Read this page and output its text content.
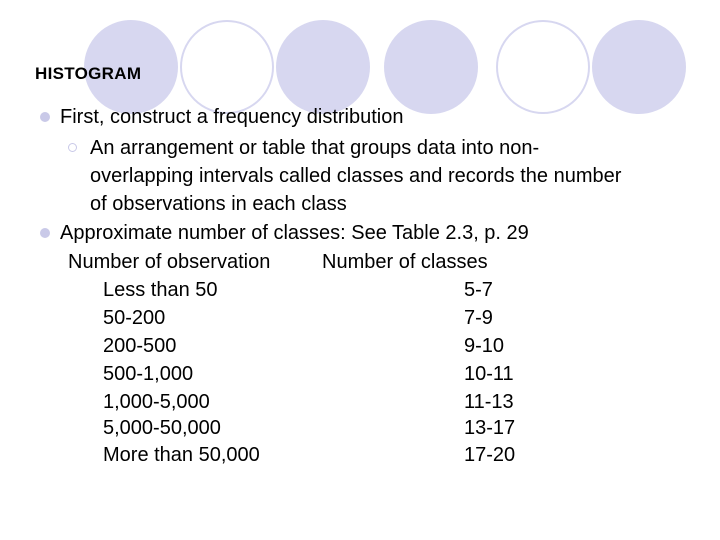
HISTOGRAM
First, construct a frequency distribution
An arrangement or table that groups data into non-
overlapping intervals called classes and records the number
of observations in each class
Approximate number of classes: See Table 2.3, p. 29
Number of observation	Number of classes
Less than 50	5-7
50-200	7-9
200-500	9-10
500-1,000	10-11
1,000-5,000	11-13
5,000-50,000	13-17
More than 50,000	17-20
